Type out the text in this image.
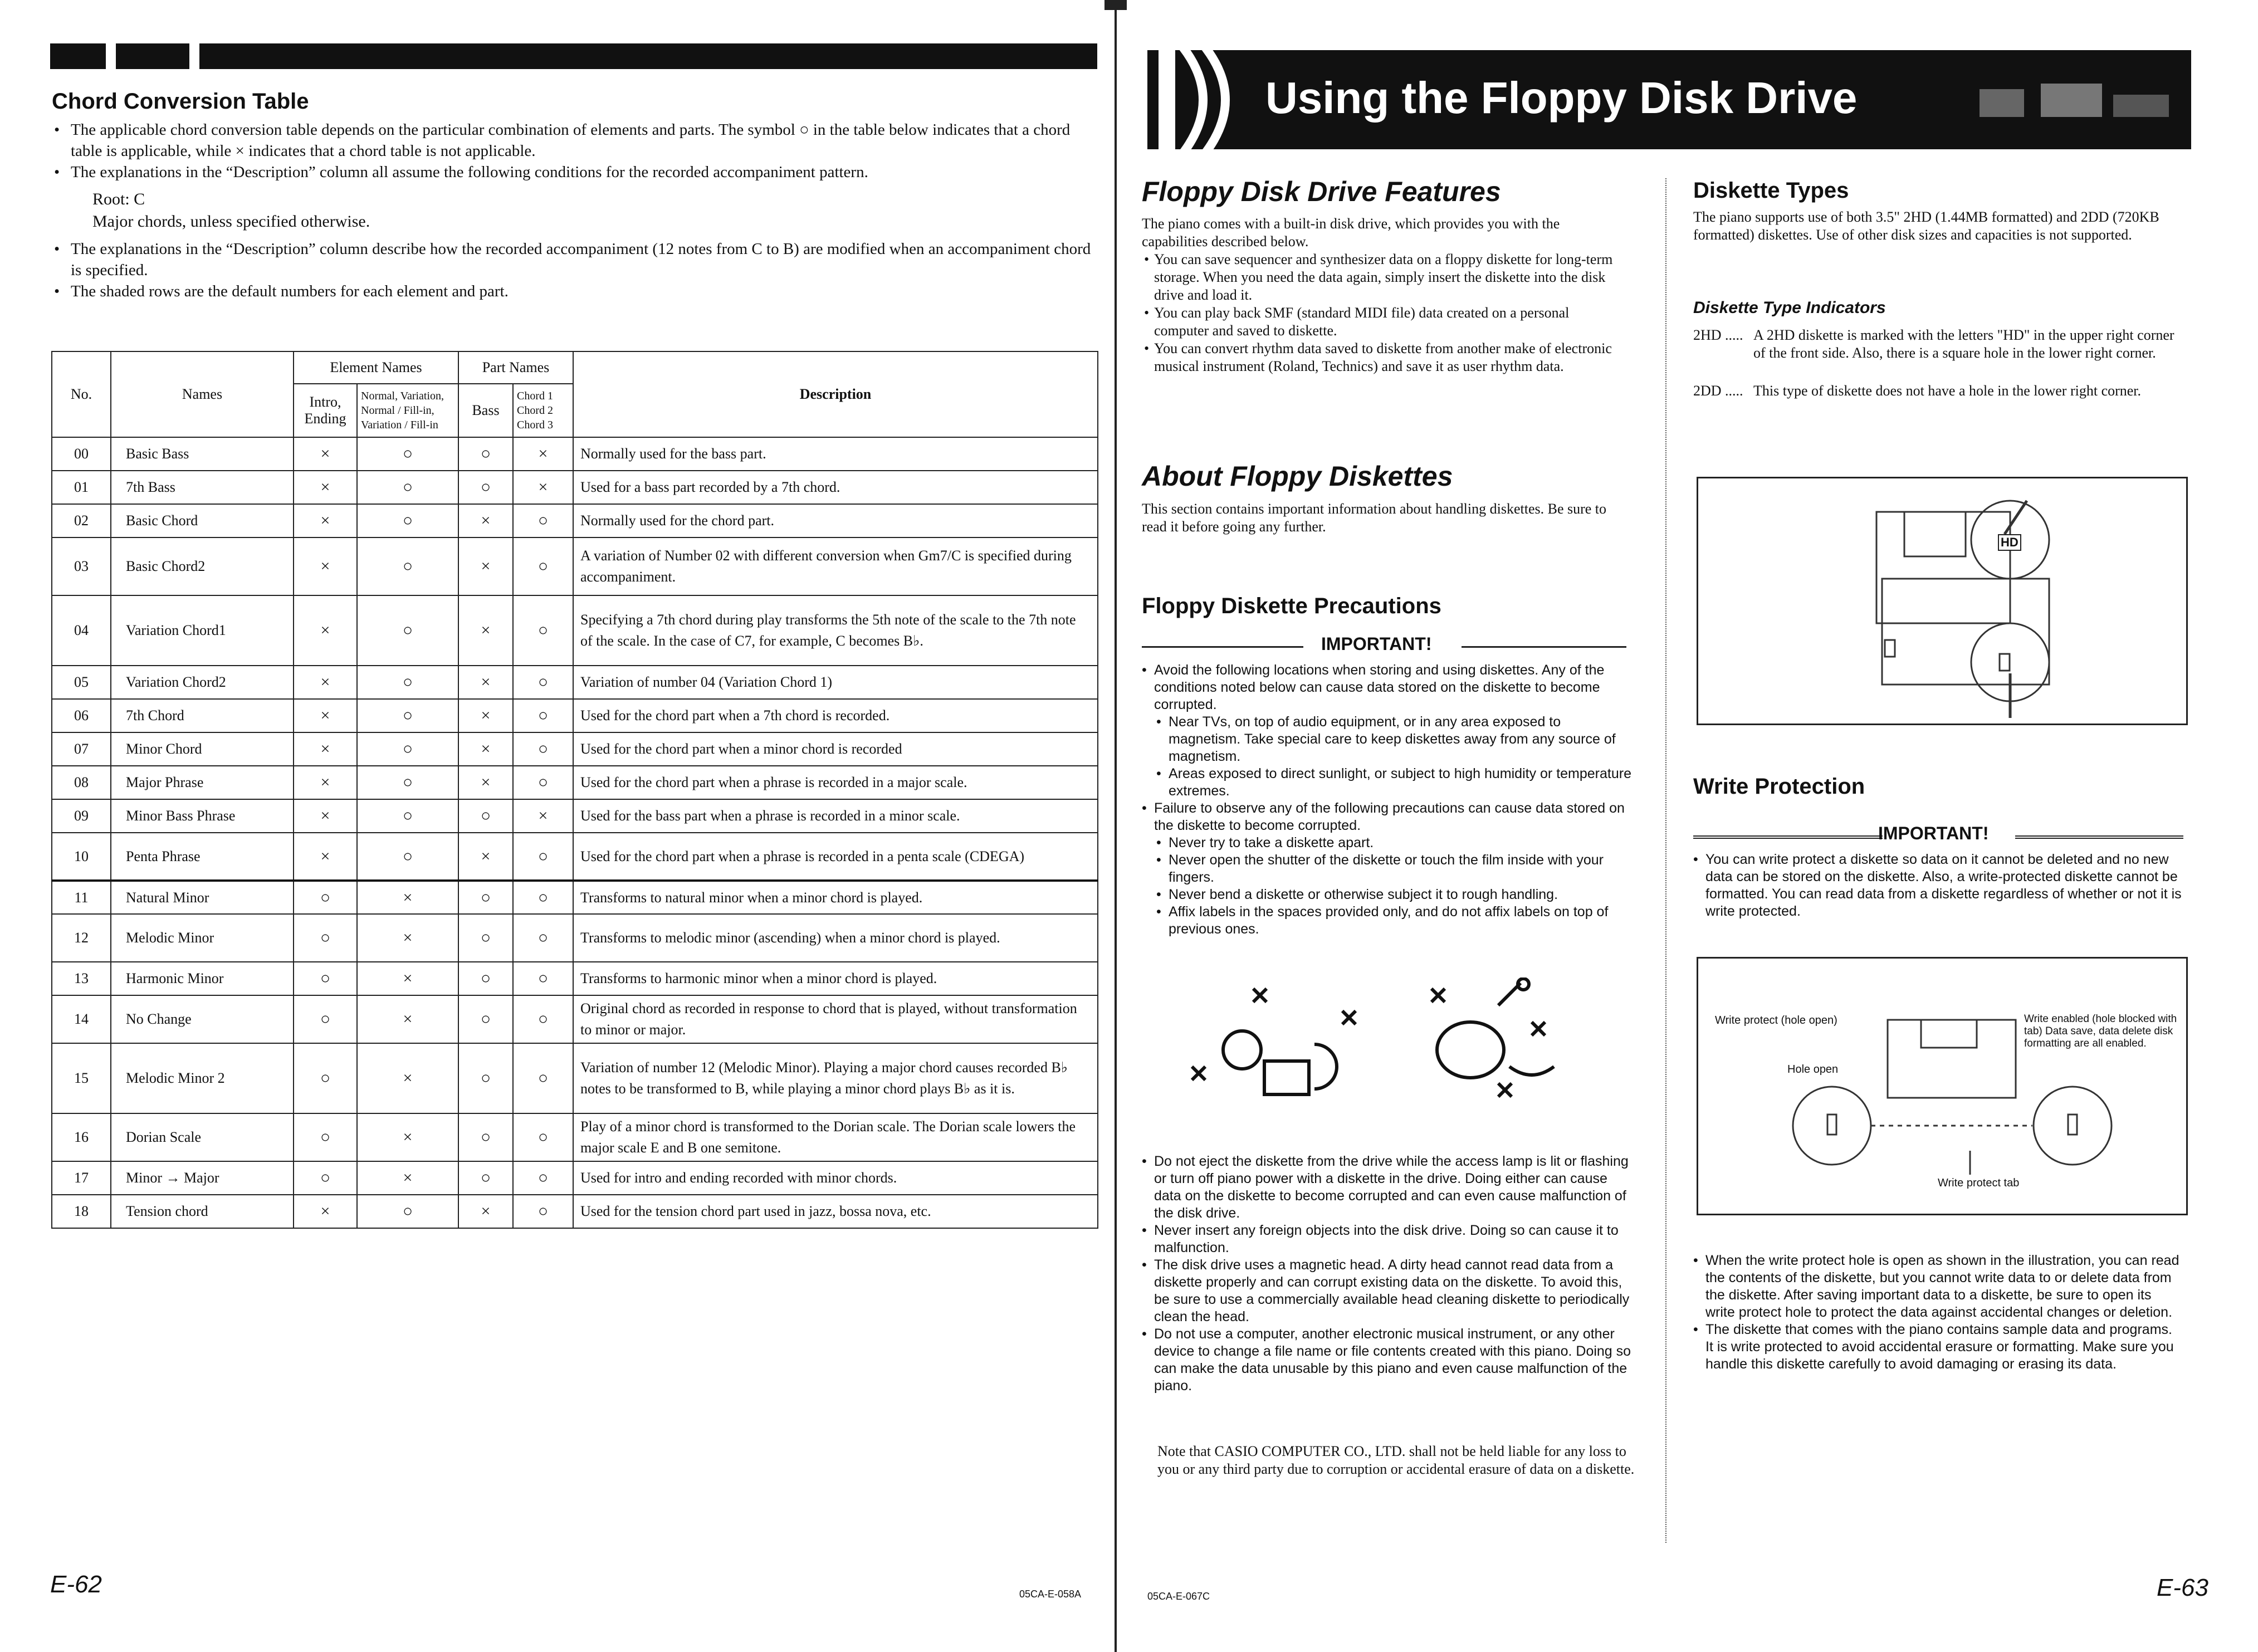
Chord Conversion Table
• The applicable chord conversion table depends on the particular combination of elements and parts. The symbol ○ in the table below indicates that a chord table is applicable, while × indicates that a chord table is not applicable.
• The explanations in the “Description” column all assume the following conditions for the recorded accompaniment pattern.
Root: C
Major chords, unless specified otherwise.
• The explanations in the “Description” column describe how the recorded accompaniment (12 notes from C to B) are modified when an accompaniment chord is specified.
• The shaded rows are the default numbers for each element and part.
No.	Names	Element Names		Part Names		Description
		Intro, Ending	Normal, Variation, Normal / Fill-in, Variation / Fill-in	Bass	Chord 1 Chord 2 Chord 3	
00	Basic Bass	×	○	○	×	Normally used for the bass part.
01	7th Bass	×	○	○	×	Used for a bass part recorded by a 7th chord.
02	Basic Chord	×	○	×	○	Normally used for the chord part.
03	Basic Chord2	×	○	×	○	A variation of Number 02 with different conversion when Gm7/C is specified during accompaniment.
04	Variation Chord1	×	○	×	○	Specifying a 7th chord during play transforms the 5th note of the scale to the 7th note of the scale. In the case of C7, for example, C becomes B♭.
05	Variation Chord2	×	○	×	○	Variation of number 04 (Variation Chord 1)
06	7th Chord	×	○	×	○	Used for the chord part when a 7th chord is recorded.
07	Minor Chord	×	○	×	○	Used for the chord part when a minor chord is recorded
08	Major Phrase	×	○	×	○	Used for the chord part when a phrase is recorded in a major scale.
09	Minor Bass Phrase	×	○	○	×	Used for the bass part when a phrase is recorded in a minor scale.
10	Penta Phrase	×	○	×	○	Used for the chord part when a phrase is recorded in a penta scale (CDEGA)
11	Natural Minor	○	×	○	○	Transforms to natural minor when a minor chord is played.
12	Melodic Minor	○	×	○	○	Transforms to melodic minor (ascending) when a minor chord is played.
13	Harmonic Minor	○	×	○	○	Transforms to harmonic minor when a minor chord is played.
14	No Change	○	×	○	○	Original chord as recorded in response to chord that is played, without transformation to minor or major.
15	Melodic Minor 2	○	×	○	○	Variation of number 12 (Melodic Minor). Playing a major chord causes recorded B♭ notes to be transformed to B, while playing a minor chord plays B♭ as it is.
16	Dorian Scale	○	×	○	○	Play of a minor chord is transformed to the Dorian scale. The Dorian scale lowers the major scale E and B one semitone.
17	Minor → Major	○	×	○	○	Used for intro and ending recorded with minor chords.
18	Tension chord	×	○	×	○	Used for the tension chord part used in jazz, bossa nova, etc.
E-62	05CA-E-058A
Using the Floppy Disk Drive
Floppy Disk Drive Features
The piano comes with a built-in disk drive, which provides you with the capabilities described below.
• You can save sequencer and synthesizer data on a floppy diskette for long-term storage. When you need the data again, simply insert the diskette into the disk drive and load it.
• You can play back SMF (standard MIDI file) data created on a personal computer and saved to diskette.
• You can convert rhythm data saved to diskette from another make of electronic musical instrument (Roland, Technics) and save it as user rhythm data.
About Floppy Diskettes
This section contains important information about handling diskettes. Be sure to read it before going any further.
Floppy Diskette Precautions
IMPORTANT!
• Avoid the following locations when storing and using diskettes. Any of the conditions noted below can cause data stored on the diskette to become corrupted.
• Near TVs, on top of audio equipment, or in any area exposed to magnetism. Take special care to keep diskettes away from any source of magnetism.
• Areas exposed to direct sunlight, or subject to high humidity or temperature extremes.
• Failure to observe any of the following precautions can cause data stored on the diskette to become corrupted.
• Never try to take a diskette apart.
• Never open the shutter of the diskette or touch the film inside with your fingers.
• Never bend a diskette or otherwise subject it to rough handling.
• Affix labels in the spaces provided only, and do not affix labels on top of previous ones.
• Do not eject the diskette from the drive while the access lamp is lit or flashing or turn off piano power with a diskette in the drive. Doing either can cause data on the diskette to become corrupted and can even cause malfunction of the disk drive.
• Never insert any foreign objects into the disk drive. Doing so can cause it to malfunction.
• The disk drive uses a magnetic head. A dirty head cannot read data from a diskette properly and can corrupt existing data on the diskette. To avoid this, be sure to use a commercially available head cleaning diskette to periodically clean the head.
• Do not use a computer, another electronic musical instrument, or any other device to change a file name or file contents created with this piano. Doing so can make the data unusable by this piano and even cause malfunction of the piano.
Note that CASIO COMPUTER CO., LTD. shall not be held liable for any loss to you or any third party due to corruption or accidental erasure of data on a diskette.
Diskette Types
The piano supports use of both 3.5" 2HD (1.44MB formatted) and 2DD (720KB formatted) diskettes. Use of other disk sizes and capacities is not supported.
Diskette Type Indicators
2HD ..... A 2HD diskette is marked with the letters "HD" in the upper right corner of the front side. Also, there is a square hole in the lower right corner.
2DD ..... This type of diskette does not have a hole in the lower right corner.
HD
Write Protection
IMPORTANT!
• You can write protect a diskette so data on it cannot be deleted and no new data can be stored on the diskette. Also, a write-protected diskette cannot be formatted. You can read data from a diskette regardless of whether or not it is write protected.
Write protect (hole open)	Write enabled (hole blocked with tab) Data save, data delete disk formatting are all enabled.
Hole open
Write protect tab
• When the write protect hole is open as shown in the illustration, you can read the contents of the diskette, but you cannot write data to or delete data from the diskette. After saving important data to a diskette, be sure to open its write protect hole to protect the data against accidental changes or deletion.
• The diskette that comes with the piano contains sample data and programs. It is write protected to avoid accidental erasure or formatting. Make sure you handle this diskette carefully to avoid damaging or erasing its data.
05CA-E-067C	E-63
